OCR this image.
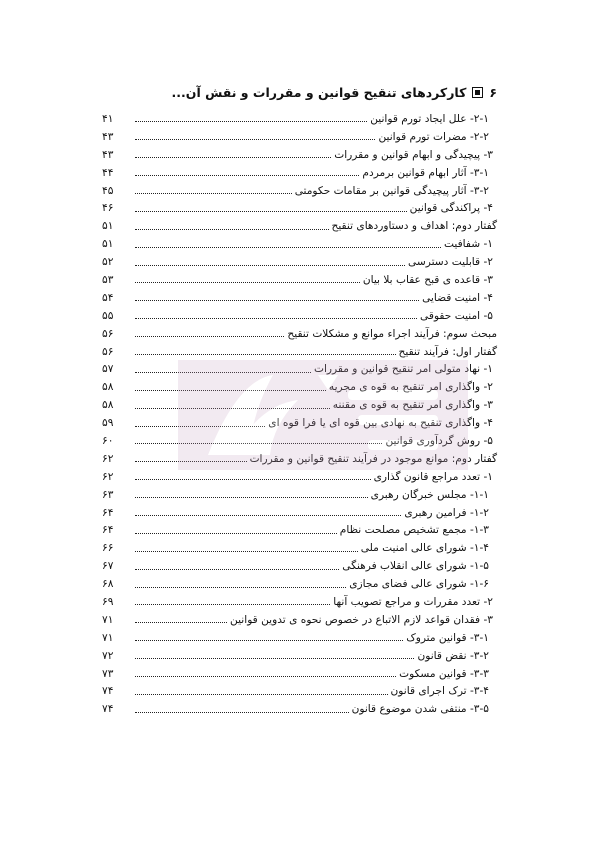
۶
کارکردهای تنقیح قوانین و مقررات و نقش آن...
۲-۱- علل ایجاد تورم قوانین
۴۱
۲-۲- مضرات تورم قوانین
۴۳
۳- پیچیدگی و ابهام قوانین و مقررات
۴۳
۳-۱- آثار ابهام قوانین برمردم
۴۴
۳-۲- آثار پیچیدگی قوانین بر مقامات حکومتی
۴۵
۴- پراکندگی قوانین
۴۶
گفتار دوم: اهداف و دستاوردهای تنقیح
۵۱
۱- شفافیت
۵۱
۲- قابلیت دسترسی
۵۲
۳- قاعده ی قبح عقاب بلا بیان
۵۳
۴- امنیت قضایی
۵۴
۵- امنیت حقوقی
۵۵
مبحث سوم: فرآیند اجراء موانع و مشکلات تنقیح
۵۶
گفتار اول: فرآیند تنقیح
۵۶
۱- نهاد متولی امر تنقیح قوانین و مقررات
۵۷
۲- واگذاری امر تنقیح به قوه ی مجریه
۵۸
۳- واگذاری امر تنقیح به قوه ی مقننه
۵۸
۴- واگذاری تنقیح به نهادی بین قوه ای یا فرا قوه ای
۵۹
۵- روش گردآوری قوانین
۶۰
گفتار دوم: موانع موجود در فرآیند تنقیح قوانین و مقررات
۶۲
۱- تعدد مراجع قانون گذاری
۶۲
۱-۱- مجلس خبرگان رهبری
۶۳
۱-۲- فرامین رهبری
۶۴
۱-۳- مجمع تشخیص مصلحت نظام
۶۴
۱-۴- شورای عالی امنیت ملی
۶۶
۱-۵- شورای عالی انقلاب فرهنگی
۶۷
۱-۶- شورای عالی فضای مجازی
۶۸
۲- تعدد مقررات و مراجع تصویب آنها
۶۹
۳- فقدان قواعد لازم الاتباع در خصوص نحوه ی تدوین قوانین
۷۱
۳-۱- قوانین متروک
۷۱
۳-۲- نقض قانون
۷۲
۳-۳- قوانین مسکوت
۷۳
۳-۴- ترک اجرای قانون
۷۴
۳-۵- منتفی شدن موضوع قانون
۷۴
